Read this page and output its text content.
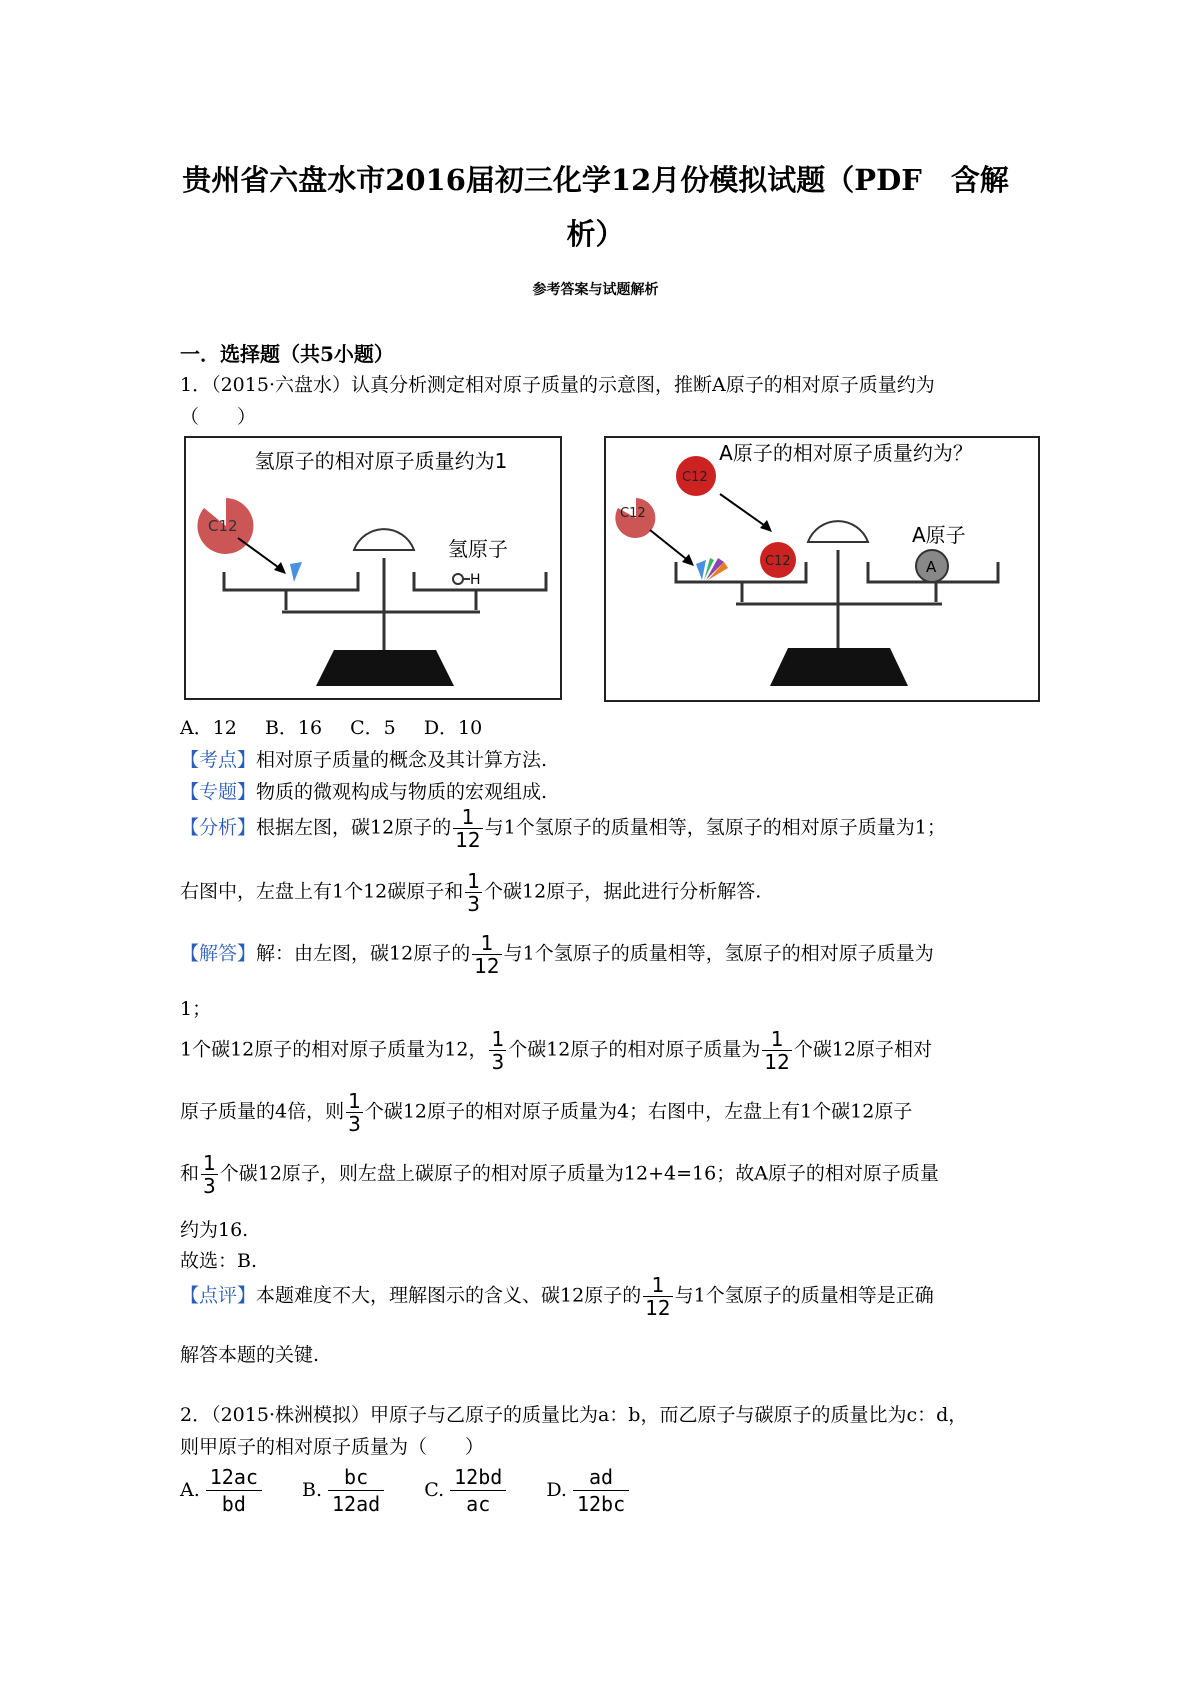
贵州省六盘水市2016届初三化学12月份模拟试题（PDF　含解
析）
参考答案与试题解析
一．选择题（共5小题）
1．（2015·六盘水）认真分析测定相对原子质量的示意图，推断A原子的相对原子质量约为
（　　）
氢原子的相对原子质量约为1
C12
氢原子
H
A原子的相对原子质量约为？
C12
C12
C12
A原子
A
A．12 B．16 C．5 D．10
【考点】相对原子质量的概念及其计算方法.
【专题】物质的微观构成与物质的宏观组成.
【分析】根据左图，碳12原子的 $\frac{1}{12}$ 与1个氢原子的质量相等，氢原子的相对原子质量为1；
右图中，左盘上有1个12碳原子和 $\frac{1}{3}$ 个碳12原子，据此进行分析解答.
【解答】解：由左图，碳12原子的 $\frac{1}{12}$ 与1个氢原子的质量相等，氢原子的相对原子质量为
1；
1个碳12原子的相对原子质量为12， $\frac{1}{3}$ 个碳12原子的相对原子质量为 $\frac{1}{12}$ 个碳12原子相对
原子质量的4倍，则 $\frac{1}{3}$ 个碳12原子的相对原子质量为4；右图中，左盘上有1个碳12原子
和 $\frac{1}{3}$ 个碳12原子，则左盘上碳原子的相对原子质量为12+4=16；故A原子的相对原子质量
约为16.
故选：B.
【点评】本题难度不大，理解图示的含义、碳12原子的 $\frac{1}{12}$ 与1个氢原子的质量相等是正确
解答本题的关键.
2．（2015·株洲模拟）甲原子与乙原子的质量比为a：b，而乙原子与碳原子的质量比为c：d，
则甲原子的相对原子质量为（　　）
A. $\frac{12ac}{bd} B$. $\frac{bc}{12ad} C$. $\frac{12bd}{ac} D$. $\frac{ad}{12bc}$
